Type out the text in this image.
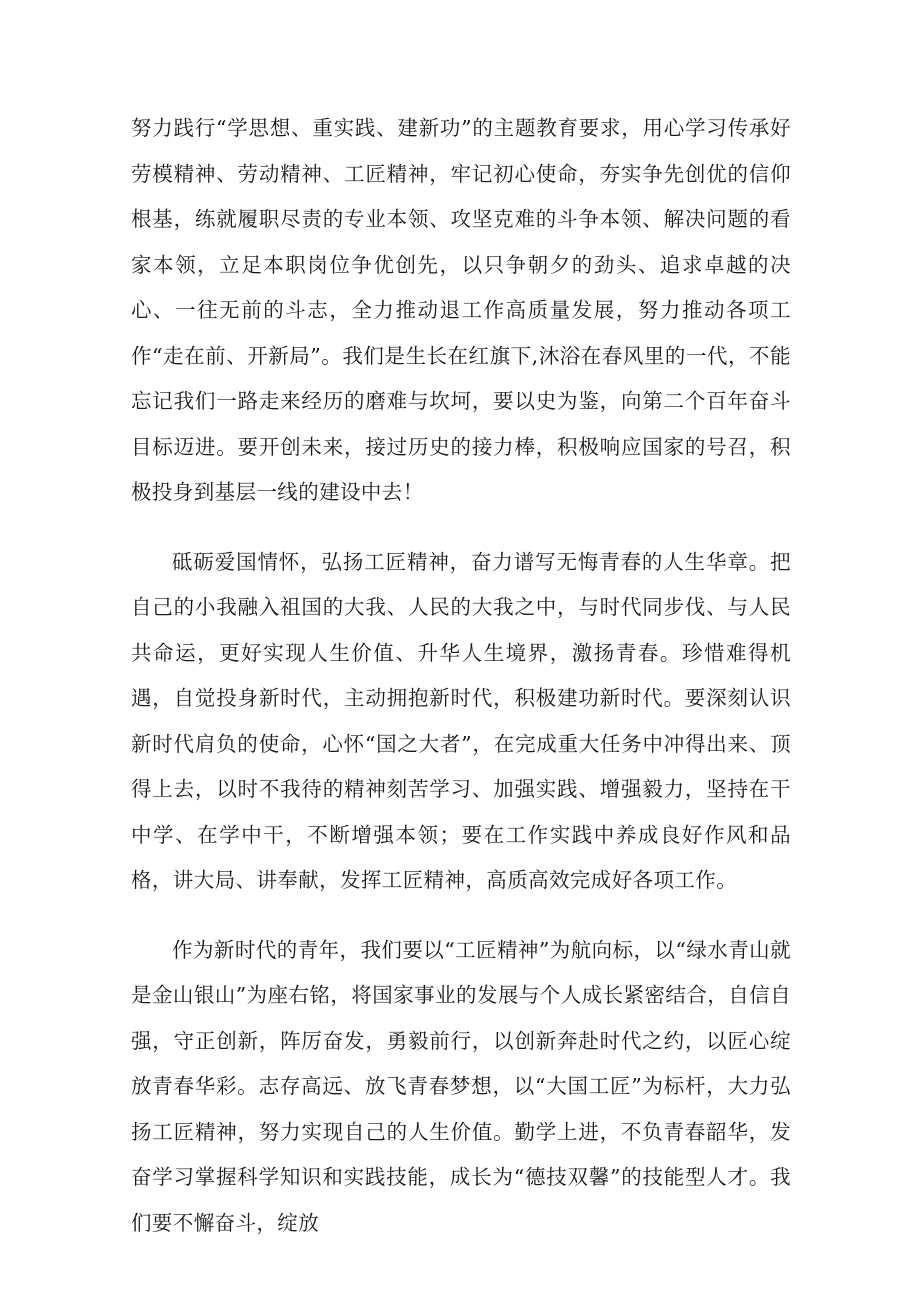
努力践行“学思想、重实践、建新功”的主题教育要求，用心学习传承好劳模精神、劳动精神、工匠精神，牢记初心使命，夯实争先创优的信仰根基，练就履职尽责的专业本领、攻坚克难的斗争本领、解决问题的看家本领，立足本职岗位争优创先，以只争朝夕的劲头、追求卓越的决心、一往无前的斗志，全力推动退工作高质量发展，努力推动各项工作“走在前、开新局”。我们是生长在红旗下,沐浴在春风里的一代，不能忘记我们一路走来经历的磨难与坎坷，要以史为鉴，向第二个百年奋斗目标迈进。要开创未来，接过历史的接力棒，积极响应国家的号召，积极投身到基层一线的建设中去！

砥砺爱国情怀，弘扬工匠精神，奋力谱写无悔青春的人生华章。把自己的小我融入祖国的大我、人民的大我之中，与时代同步伐、与人民共命运，更好实现人生价值、升华人生境界，激扬青春。珍惜难得机遇，自觉投身新时代，主动拥抱新时代，积极建功新时代。要深刻认识新时代肩负的使命，心怀“国之大者”，在完成重大任务中冲得出来、顶得上去，以时不我待的精神刻苦学习、加强实践、增强毅力，坚持在干中学、在学中干，不断增强本领；要在工作实践中养成良好作风和品格，讲大局、讲奉献，发挥工匠精神，高质高效完成好各项工作。

作为新时代的青年，我们要以“工匠精神”为航向标，以“绿水青山就是金山银山”为座右铭，将国家事业的发展与个人成长紧密结合，自信自强，守正创新，阵厉奋发，勇毅前行，以创新奔赴时代之约，以匠心绽放青春华彩。志存高远、放飞青春梦想，以“大国工匠”为标杆，大力弘扬工匠精神，努力实现自己的人生价值。勤学上进，不负青春韶华，发奋学习掌握科学知识和实践技能，成长为“德技双馨”的技能型人才。我们要不懈奋斗，绽放
